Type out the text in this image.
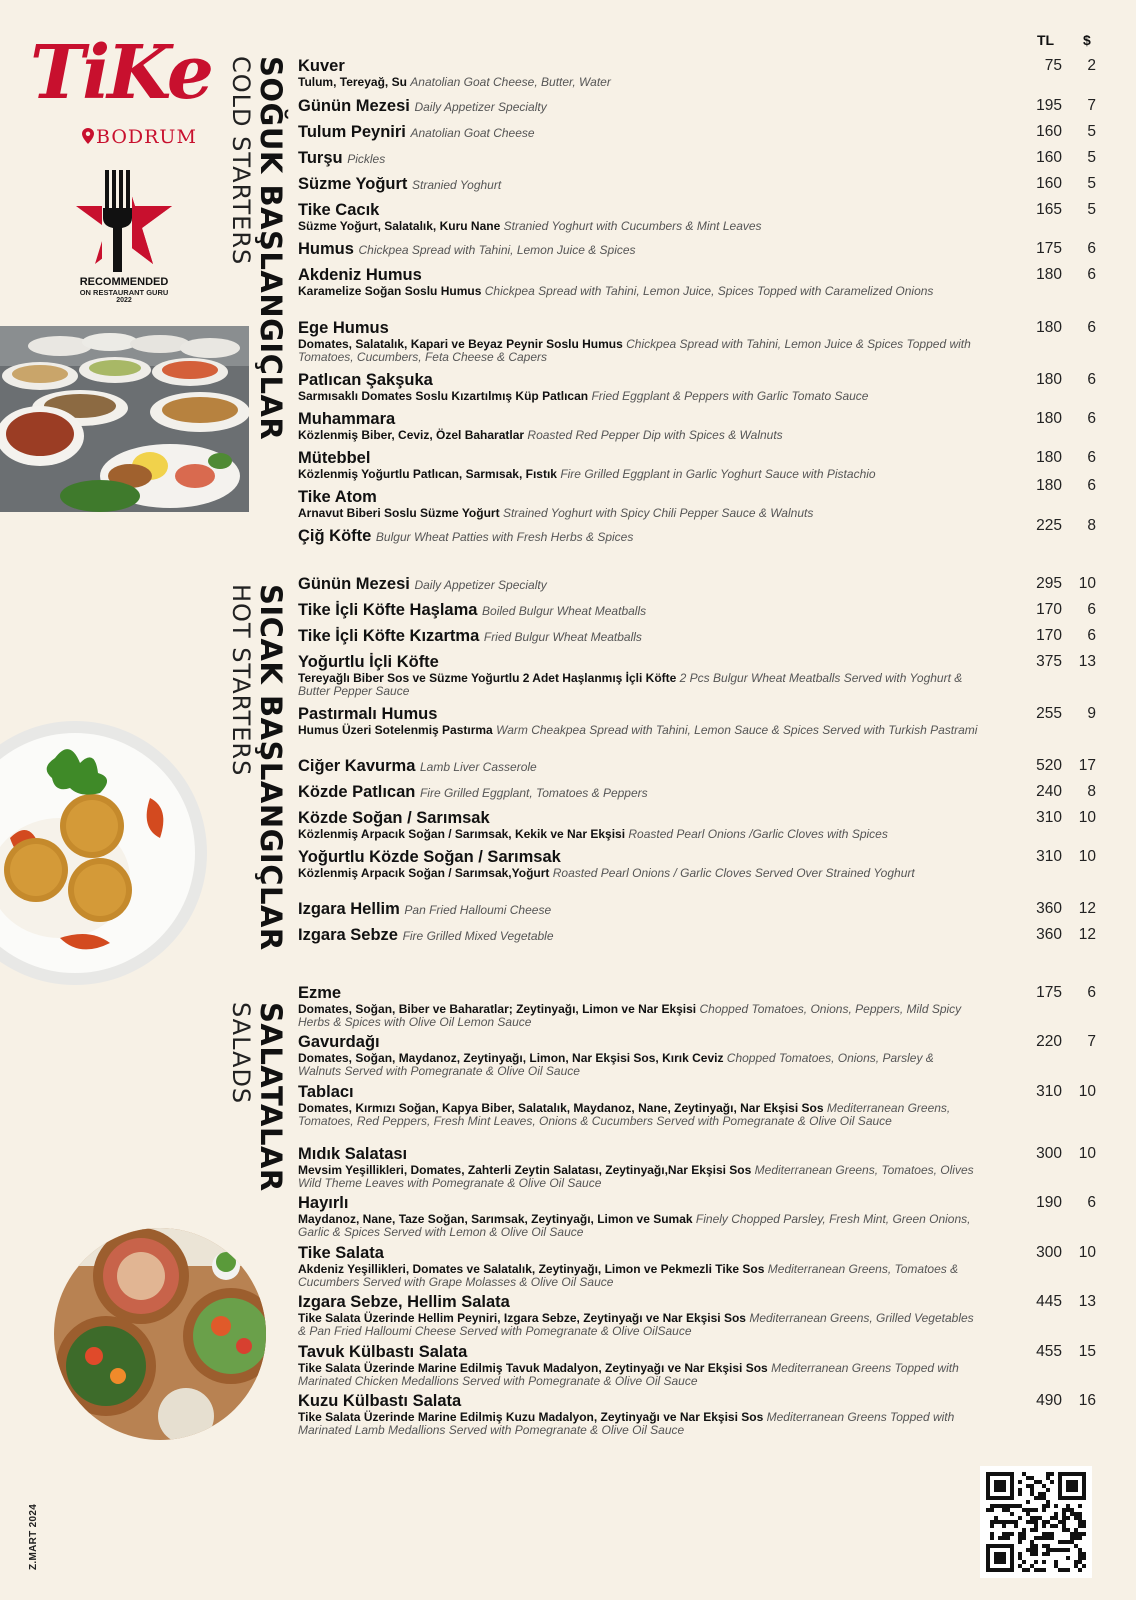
TiKe
BODRUM
RECOMMENDED
ON RESTAURANT GURU
2022
Z.MART 2024
SOĞUK BAŞLANGIÇLAR
COLD STARTERS
SICAK BAŞLANGIÇLAR
HOT STARTERS
SALATALAR
SALADS
TL $
Kuver
Tulum, Tereyağ, Su Anatolian Goat Cheese, Butter, Water
75	2
Günün Mezesi Daily Appetizer Specialty	195	7
Tulum Peyniri Anatolian Goat Cheese	160	5
Turşu Pickles	160	5
Süzme Yoğurt Stranied Yoghurt	160	5
Tike Cacık
Süzme Yoğurt, Salatalık, Kuru Nane Stranied Yoghurt with Cucumbers & Mint Leaves
165	5
Humus Chickpea Spread with Tahini, Lemon Juice & Spices	175	6
Akdeniz Humus
Karamelize Soğan Soslu Humus Chickpea Spread with Tahini, Lemon Juice, Spices Topped with Caramelized Onions
180	6
Ege Humus
Domates, Salatalık, Kapari ve Beyaz Peynir Soslu Humus Chickpea Spread with Tahini, Lemon Juice & Spices Topped with Tomatoes, Cucumbers, Feta Cheese & Capers
180	6
Patlıcan Şakşuka
Sarmısaklı Domates Soslu Kızartılmış Küp Patlıcan Fried Eggplant & Peppers with Garlic Tomato Sauce
180	6
Muhammara
Közlenmiş Biber, Ceviz, Özel Baharatlar Roasted Red Pepper Dip with Spices & Walnuts
180	6
Mütebbel
Közlenmiş Yoğurtlu Patlıcan, Sarmısak, Fıstık Fire Grilled Eggplant in Garlic Yoghurt Sauce with Pistachio
180	6
Tike Atom
Arnavut Biberi Soslu Süzme Yoğurt Strained Yoghurt with Spicy Chili Pepper Sauce & Walnuts
180	6
Çiğ Köfte Bulgur Wheat Patties with Fresh Herbs & Spices
225	8
Günün Mezesi Daily Appetizer Specialty	295	10
Tike İçli Köfte Haşlama Boiled Bulgur Wheat Meatballs	170	6
Tike İçli Köfte Kızartma Fried Bulgur Wheat Meatballs	170	6
Yoğurtlu İçli Köfte
Tereyağlı Biber Sos ve Süzme Yoğurtlu 2 Adet Haşlanmış İçli Köfte 2 Pcs Bulgur Wheat Meatballs Served with Yoghurt & Butter Pepper Sauce
375	13
Pastırmalı Humus
Humus Üzeri Sotelenmiş Pastırma Warm Cheakpea Spread with Tahini, Lemon Sauce & Spices Served with Turkish Pastrami
255	9
Ciğer Kavurma Lamb Liver Casserole	520	17
Közde Patlıcan Fire Grilled Eggplant, Tomatoes & Peppers	240	8
Közde Soğan / Sarımsak
Közlenmiş Arpacık Soğan / Sarımsak, Kekik ve Nar Ekşisi Roasted Pearl Onions /Garlic Cloves with Spices
310	10
Yoğurtlu Közde Soğan / Sarımsak
Közlenmiş Arpacık Soğan / Sarımsak,Yoğurt Roasted Pearl Onions / Garlic Cloves Served Over Strained Yoghurt
310	10
Izgara Hellim Pan Fried Halloumi Cheese	360	12
Izgara Sebze Fire Grilled Mixed Vegetable	360	12
Ezme
Domates, Soğan, Biber ve Baharatlar; Zeytinyağı, Limon ve Nar Ekşisi Chopped Tomatoes, Onions, Peppers, Mild Spicy Herbs & Spices with Olive Oil Lemon Sauce
175	6
Gavurdağı
Domates, Soğan, Maydanoz, Zeytinyağı, Limon, Nar Ekşisi Sos, Kırık Ceviz Chopped Tomatoes, Onions, Parsley & Walnuts Served with Pomegranate & Olive Oil Sauce
220	7
Tablacı
Domates, Kırmızı Soğan, Kapya Biber, Salatalık, Maydanoz, Nane, Zeytinyağı, Nar Ekşisi Sos Mediterranean Greens, Tomatoes, Red Peppers, Fresh Mint Leaves, Onions & Cucumbers Served with Pomegranate & Olive Oil Sauce
310	10
Mıdık Salatası
Mevsim Yeşillikleri, Domates, Zahterli Zeytin Salatası, Zeytinyağı,Nar Ekşisi Sos Mediterranean Greens, Tomatoes, Olives Wild Theme Leaves with Pomegranate & Olive Oil Sauce
300	10
Hayırlı
Maydanoz, Nane, Taze Soğan, Sarımsak, Zeytinyağı, Limon ve Sumak Finely Chopped Parsley, Fresh Mint, Green Onions, Garlic & Spices Served with Lemon & Olive Oil Sauce
190	6
Tike Salata
Akdeniz Yeşillikleri, Domates ve Salatalık, Zeytinyağı, Limon ve Pekmezli Tike Sos Mediterranean Greens, Tomatoes & Cucumbers Served with Grape Molasses & Olive Oil Sauce
300	10
Izgara Sebze, Hellim Salata
Tike Salata Üzerinde Hellim Peyniri, Izgara Sebze, Zeytinyağı ve Nar Ekşisi Sos Mediterranean Greens, Grilled Vegetables & Pan Fried Halloumi Cheese Served with Pomegranate & Olive OilSauce
445	13
Tavuk Külbastı Salata
Tike Salata Üzerinde Marine Edilmiş Tavuk Madalyon, Zeytinyağı ve Nar Ekşisi Sos Mediterranean Greens Topped with Marinated Chicken Medallions Served with Pomegranate & Olive Oil Sauce
455	15
Kuzu Külbastı Salata
Tike Salata Üzerinde Marine Edilmiş Kuzu Madalyon, Zeytinyağı ve Nar Ekşisi Sos Mediterranean Greens Topped with Marinated Lamb Medallions Served with Pomegranate & Olive Oil Sauce
490	16
